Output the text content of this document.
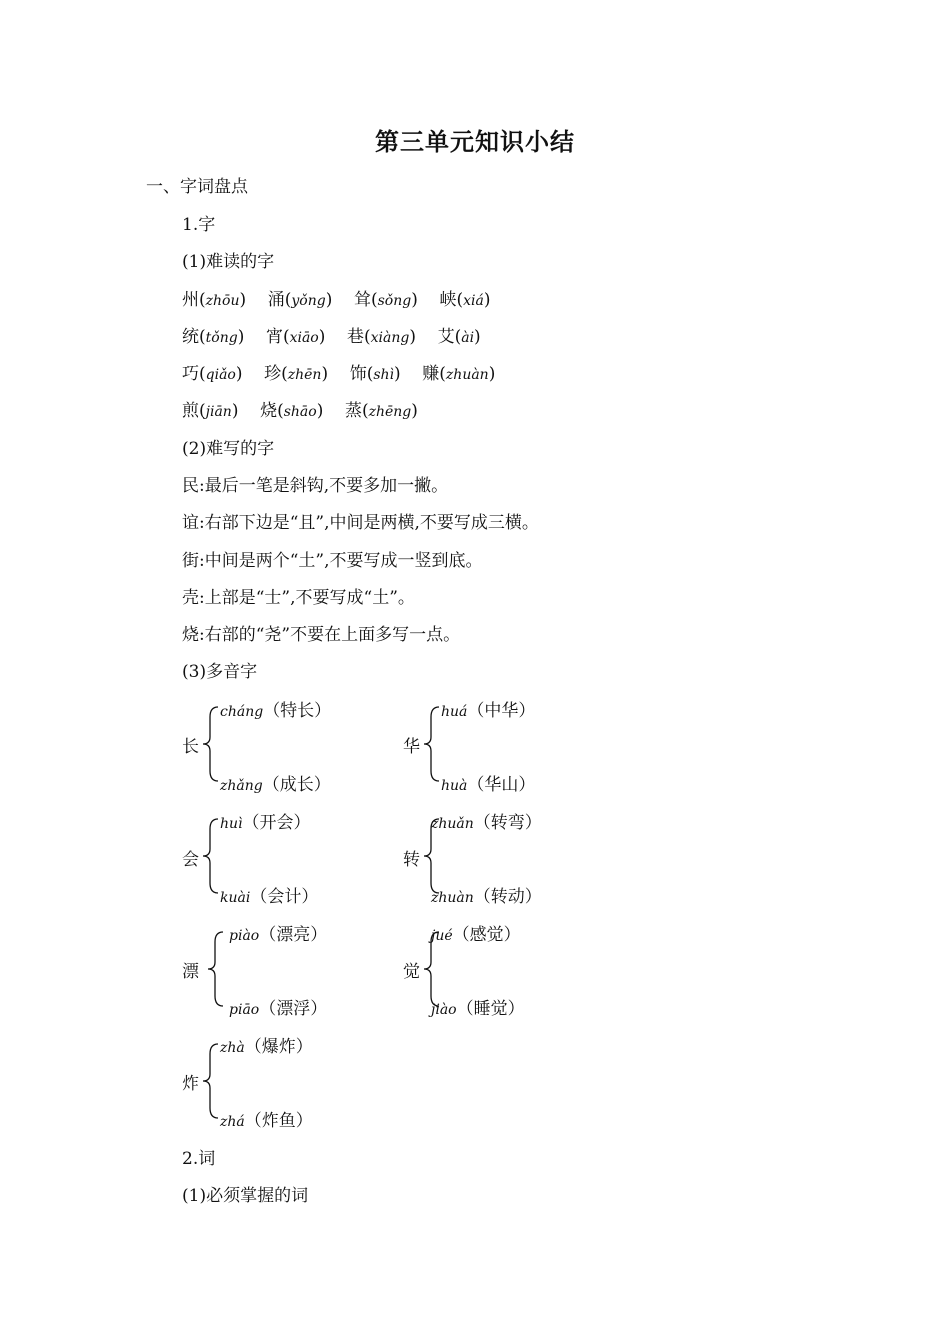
第三单元知识小结
一、字词盘点
1.字
(1)难读的字
州(zhōu)    涌(yǒng)    耸(sǒng)    峡(xiá)
统(tǒng)    宵(xiāo)    巷(xiàng)    艾(ài)
巧(qiǎo)    珍(zhēn)    饰(shì)    赚(zhuàn)
煎(jiān)    烧(shāo)    蒸(zhēng)
(2)难写的字
民:最后一笔是斜钩,不要多加一撇。
谊:右部下边是“且”,中间是两横,不要写成三横。
街:中间是两个“土”,不要写成一竖到底。
壳:上部是“士”,不要写成“土”。
烧:右部的“尧”不要在上面多写一点。
(3)多音字
长
cháng（特长）
zhǎng（成长）
华
huá（中华）
huà（华山）
会
huì（开会）
kuài（会计）
转
zhuǎn（转弯）
zhuàn（转动）
漂
piào（漂亮）
piāo（漂浮）
觉
jué（感觉）
jiào（睡觉）
炸
zhà（爆炸）
zhá（炸鱼）
2.词
(1)必须掌握的词
